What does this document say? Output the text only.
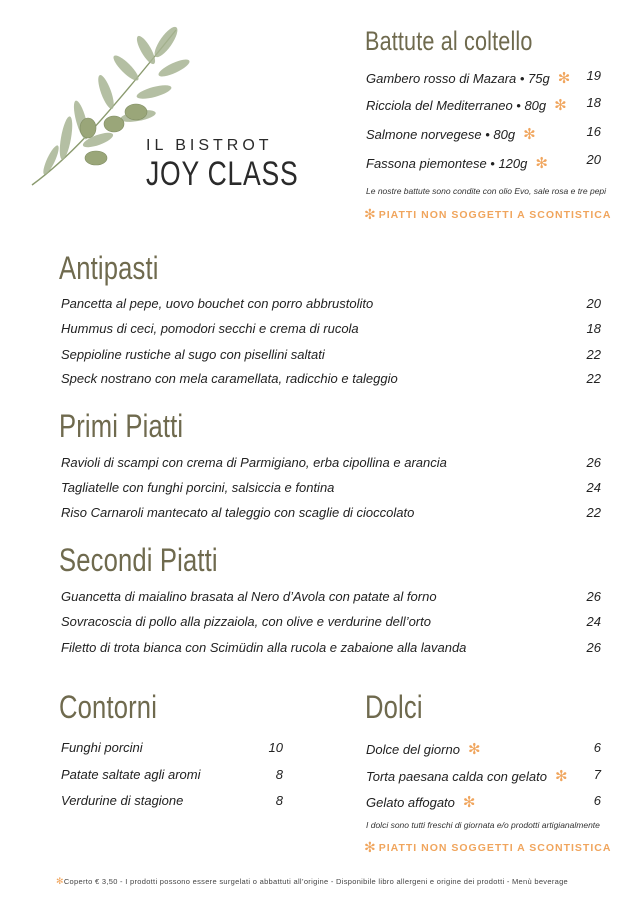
IL BISTROT
JOY CLASS
Battute al coltello
Gambero rosso di Mazara • 75g ✻	19
Ricciola del Mediterraneo • 80g ✻	18
Salmone norvegese • 80g ✻	16
Fassona piemontese • 120g ✻	20
Le nostre battute sono condite con olio Evo, sale rosa e tre pepi
✻ PIATTI NON SOGGETTI A SCONTISTICA
Antipasti
Pancetta al pepe, uovo bouchet con porro abbrustolito	20
Hummus di ceci, pomodori secchi e crema di rucola	18
Seppioline rustiche al sugo con pisellini saltati	22
Speck nostrano con mela caramellata, radicchio e taleggio	22
Primi Piatti
Ravioli di scampi con crema di Parmigiano, erba cipollina e arancia	26
Tagliatelle con funghi porcini, salsiccia e fontina	24
Riso Carnaroli mantecato al taleggio con scaglie di cioccolato	22
Secondi Piatti
Guancetta di maialino brasata al Nero d’Avola con patate al forno	26
Sovracoscia di pollo alla pizzaiola, con olive e verdurine dell’orto	24
Filetto di trota bianca con Scimüdin alla rucola e zabaione alla lavanda	26
Contorni
Funghi porcini	10
Patate saltate agli aromi	8
Verdurine di stagione	8
Dolci
Dolce del giorno ✻	6
Torta paesana calda con gelato ✻	7
Gelato affogato ✻	6
I dolci sono tutti freschi di giornata e/o prodotti artigianalmente
✻ PIATTI NON SOGGETTI A SCONTISTICA
✻Coperto € 3,50 - I prodotti possono essere surgelati o abbattuti all’origine - Disponibile libro allergeni e origine dei prodotti - Menù beverage
